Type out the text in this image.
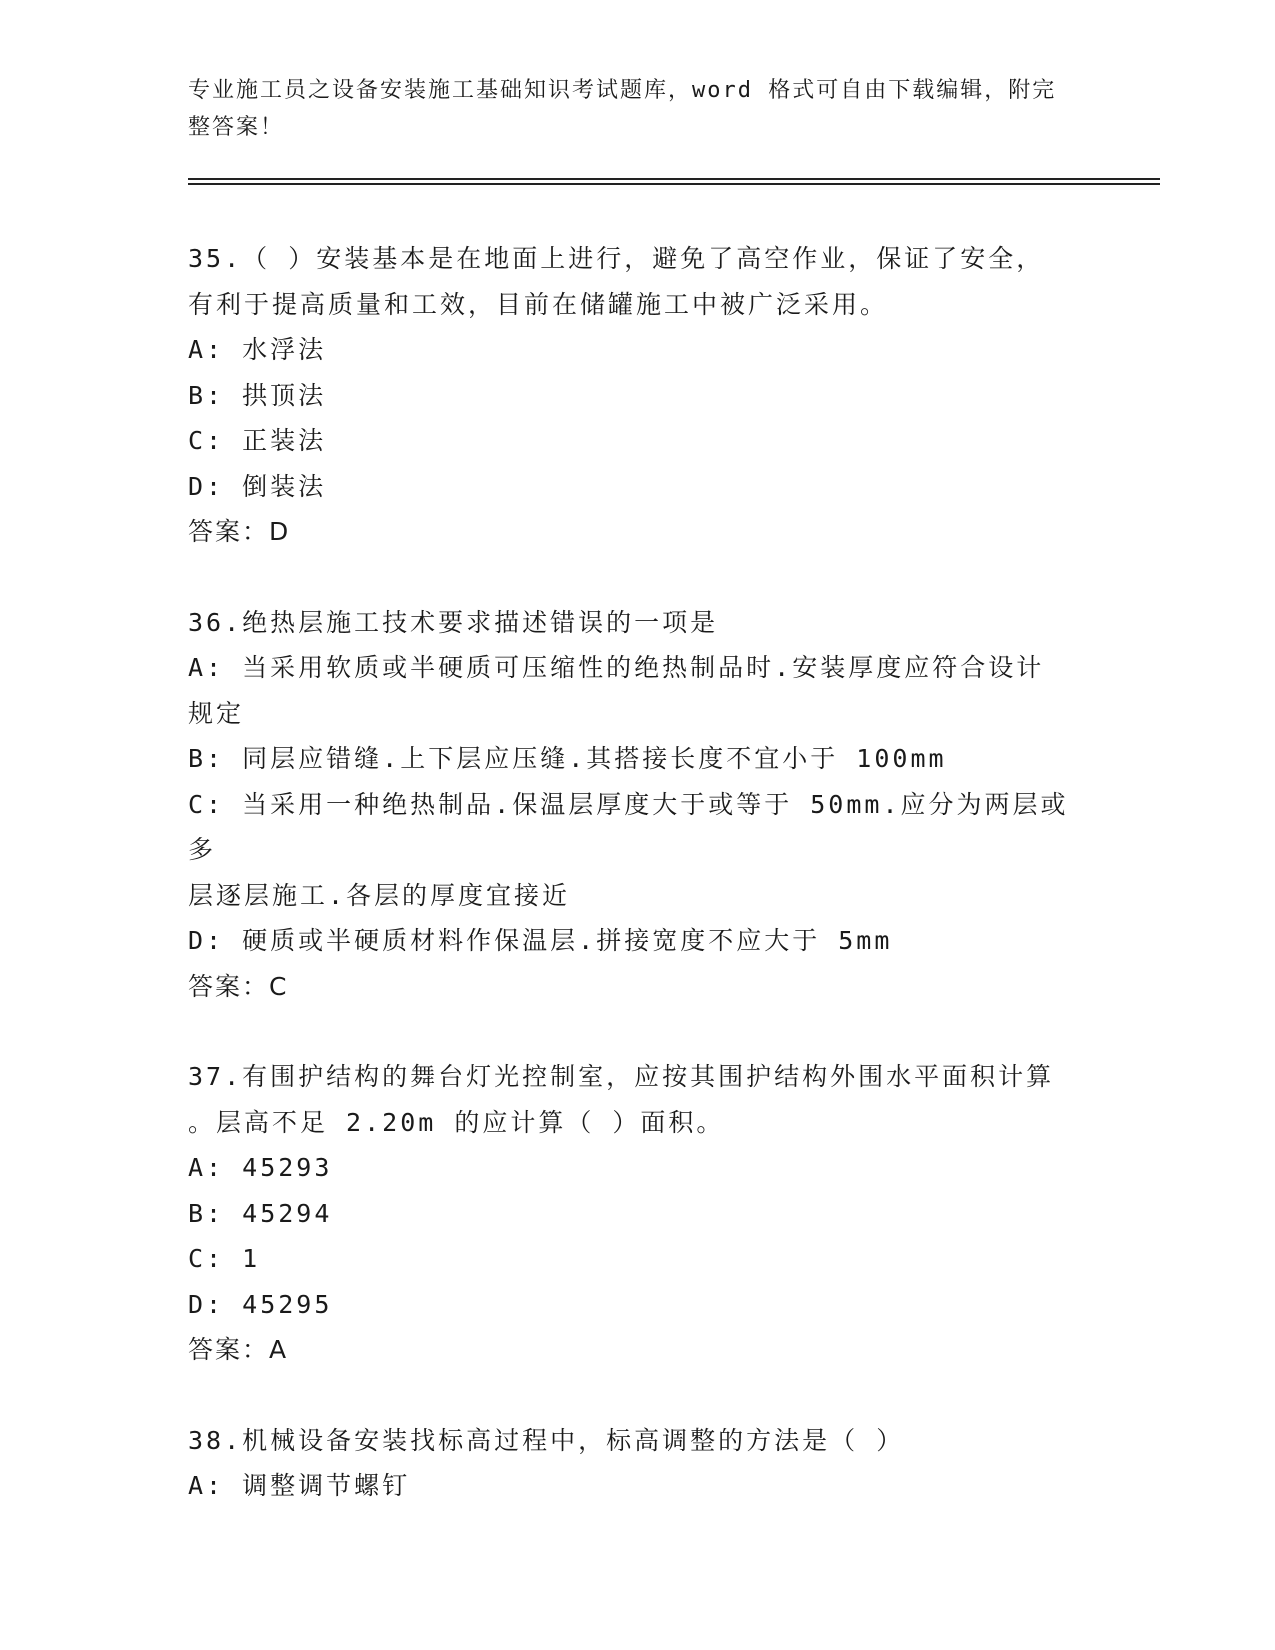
专业施工员之设备安装施工基础知识考试题库，word 格式可自由下载编辑，附完
整答案！
35.（ ）安装基本是在地面上进行，避免了高空作业，保证了安全，
有利于提高质量和工效，目前在储罐施工中被广泛采用。
A: 水浮法
B: 拱顶法
C: 正装法
D: 倒装法
答案：D
36.绝热层施工技术要求描述错误的一项是
A: 当采用软质或半硬质可压缩性的绝热制品时.安装厚度应符合设计
规定
B: 同层应错缝.上下层应压缝.其搭接长度不宜小于 100mm
C: 当采用一种绝热制品.保温层厚度大于或等于 50mm.应分为两层或多
层逐层施工.各层的厚度宜接近
D: 硬质或半硬质材料作保温层.拼接宽度不应大于 5mm
答案：C
37.有围护结构的舞台灯光控制室，应按其围护结构外围水平面积计算
。层高不足 2.20m 的应计算（ ）面积。
A: 45293
B: 45294
C: 1
D: 45295
答案：A
38.机械设备安装找标高过程中，标高调整的方法是（ ）
A: 调整调节螺钉
